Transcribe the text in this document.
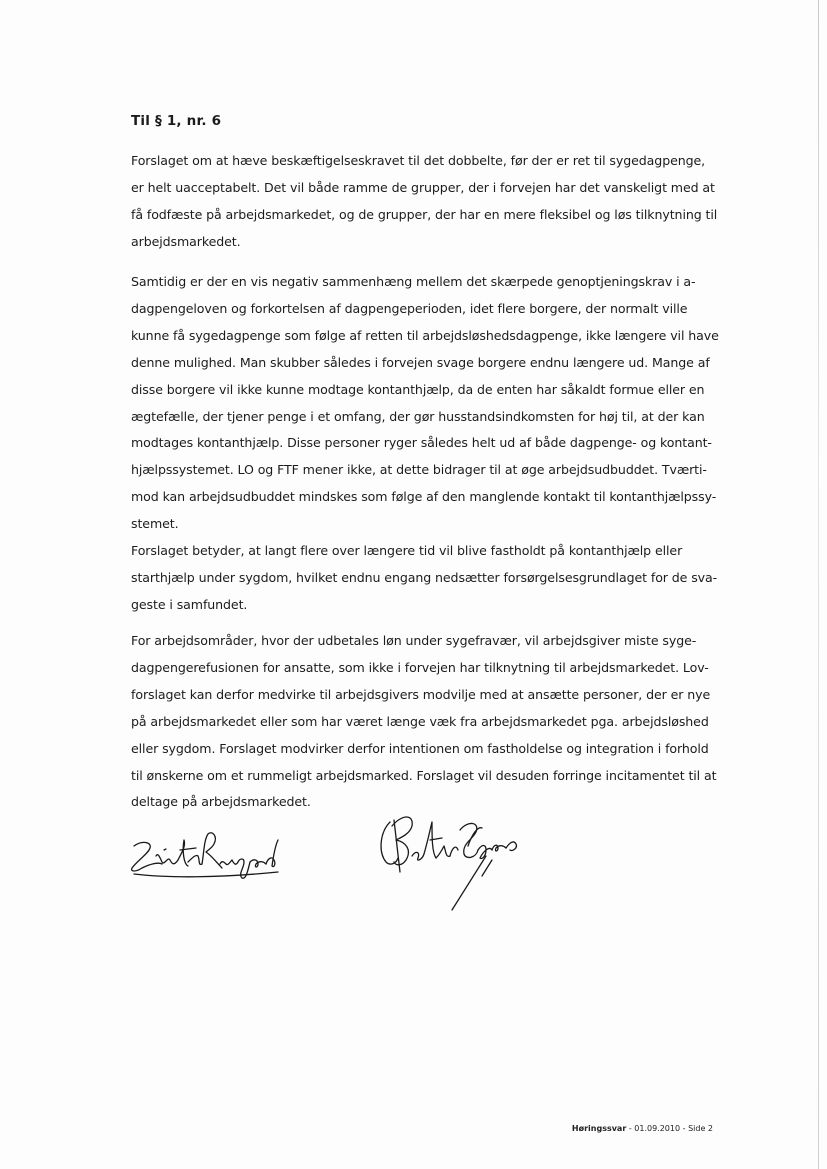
Til § 1, nr. 6
Forslaget om at hæve beskæftigelseskravet til det dobbelte, før der er ret til sygedagpenge,
er helt uacceptabelt. Det vil både ramme de grupper, der i forvejen har det vanskeligt med at
få fodfæste på arbejdsmarkedet, og de grupper, der har en mere fleksibel og løs tilknytning til
arbejdsmarkedet.
Samtidig er der en vis negativ sammenhæng mellem det skærpede genoptjeningskrav i a-
dagpengeloven og forkortelsen af dagpengeperioden, idet flere borgere, der normalt ville
kunne få sygedagpenge som følge af retten til arbejdsløshedsdagpenge, ikke længere vil have
denne mulighed. Man skubber således i forvejen svage borgere endnu længere ud. Mange af
disse borgere vil ikke kunne modtage kontanthjælp, da de enten har såkaldt formue eller en
ægtefælle, der tjener penge i et omfang, der gør husstandsindkomsten for høj til, at der kan
modtages kontanthjælp. Disse personer ryger således helt ud af både dagpenge- og kontant-
hjælpssystemet. LO og FTF mener ikke, at dette bidrager til at øge arbejdsudbuddet. Tværti-
mod kan arbejdsudbuddet mindskes som følge af den manglende kontakt til kontanthjælpssy-
stemet.
Forslaget betyder, at langt flere over længere tid vil blive fastholdt på kontanthjælp eller
starthjælp under sygdom, hvilket endnu engang nedsætter forsørgelsesgrundlaget for de sva-
geste i samfundet.
For arbejdsområder, hvor der udbetales løn under sygefravær, vil arbejdsgiver miste syge-
dagpengerefusionen for ansatte, som ikke i forvejen har tilknytning til arbejdsmarkedet. Lov-
forslaget kan derfor medvirke til arbejdsgivers modvilje med at ansætte personer, der er nye
på arbejdsmarkedet eller som har været længe væk fra arbejdsmarkedet pga. arbejdsløshed
eller sygdom. Forslaget modvirker derfor intentionen om fastholdelse og integration i forhold
til ønskerne om et rummeligt arbejdsmarked. Forslaget vil desuden forringe incitamentet til at
deltage på arbejdsmarkedet.
Høringssvar - 01.09.2010 - Side 2
